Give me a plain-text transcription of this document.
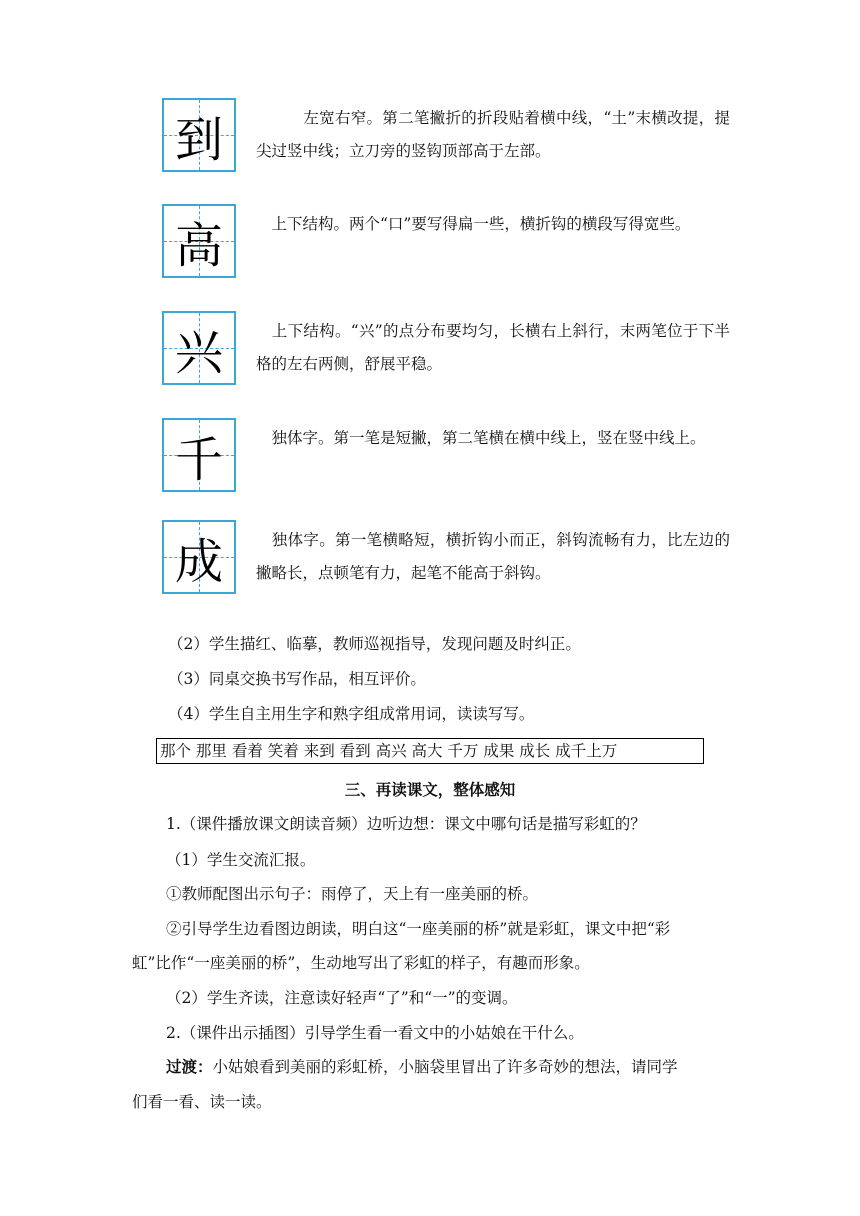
到	　　　左宽右窄。第二笔撇折的折段贴着横中线，“土”末横改提，提尖过竖中线；立刀旁的竖钩顶部高于左部。
高	　上下结构。两个“口”要写得扁一些，横折钩的横段写得宽些。
兴	　上下结构。“兴”的点分布要均匀，长横右上斜行，末两笔位于下半格的左右两侧，舒展平稳。
千	　独体字。第一笔是短撇，第二笔横在横中线上，竖在竖中线上。
成	　独体字。第一笔横略短，横折钩小而正，斜钩流畅有力，比左边的撇略长，点顿笔有力，起笔不能高于斜钩。
（2）学生描红、临摹，教师巡视指导，发现问题及时纠正。
（3）同桌交换书写作品，相互评价。
（4）学生自主用生字和熟字组成常用词，读读写写。
那个 那里 看着 笑着 来到 看到 高兴 高大 千万 成果 成长 成千上万
三、再读课文，整体感知
1.（课件播放课文朗读音频）边听边想：课文中哪句话是描写彩虹的？
（1）学生交流汇报。
①教师配图出示句子：雨停了，天上有一座美丽的桥。
②引导学生边看图边朗读，明白这“一座美丽的桥”就是彩虹，课文中把“彩
虹”比作“一座美丽的桥”，生动地写出了彩虹的样子，有趣而形象。
（2）学生齐读，注意读好轻声“了”和“一”的变调。
2.（课件出示插图）引导学生看一看文中的小姑娘在干什么。
过渡：小姑娘看到美丽的彩虹桥，小脑袋里冒出了许多奇妙的想法，请同学
们看一看、读一读。
